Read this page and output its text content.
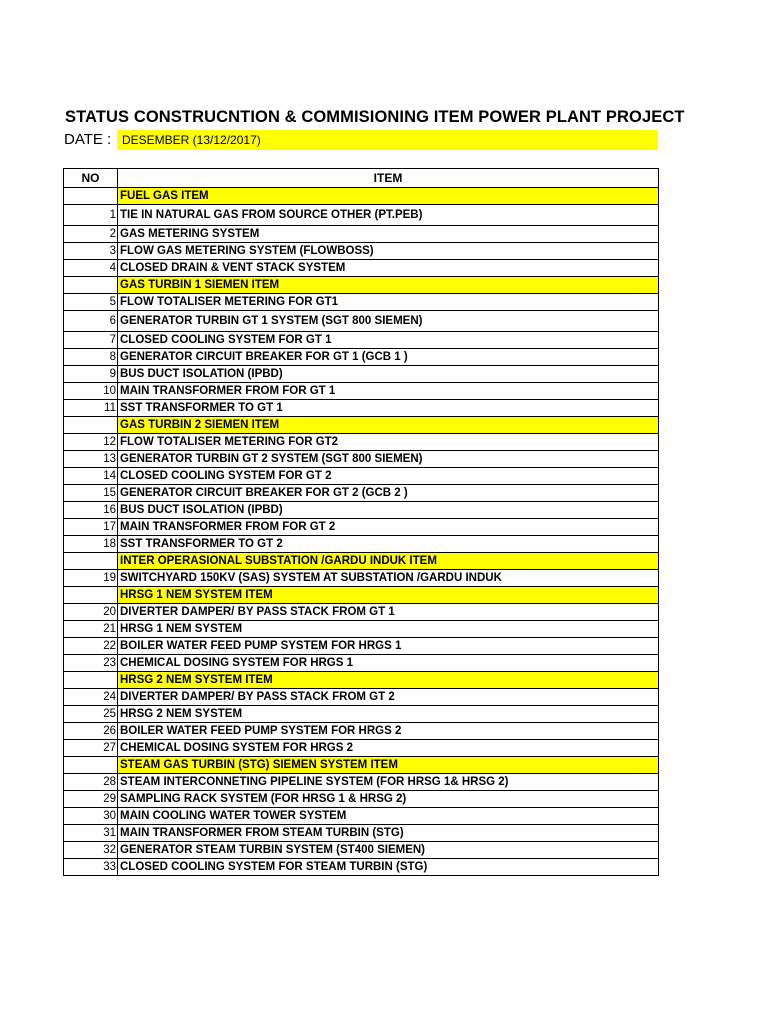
STATUS CONSTRUCNTION & COMMISIONING ITEM POWER PLANT PROJECT
DATE : DESEMBER (13/12/2017)
NO	ITEM
	FUEL GAS ITEM
1	TIE IN NATURAL GAS FROM SOURCE OTHER (PT.PEB)
2	GAS METERING SYSTEM
3	FLOW GAS METERING SYSTEM (FLOWBOSS)
4	CLOSED DRAIN & VENT STACK SYSTEM
	GAS TURBIN 1 SIEMEN ITEM
5	FLOW TOTALISER METERING FOR GT1
6	GENERATOR TURBIN GT 1 SYSTEM (SGT 800 SIEMEN)
7	CLOSED COOLING SYSTEM FOR GT 1
8	GENERATOR CIRCUIT BREAKER FOR GT 1 (GCB 1 )
9	BUS DUCT ISOLATION (IPBD)
10	MAIN TRANSFORMER FROM FOR GT 1
11	SST TRANSFORMER TO GT 1
	GAS TURBIN 2 SIEMEN ITEM
12	FLOW TOTALISER METERING FOR GT2
13	GENERATOR TURBIN GT 2 SYSTEM (SGT 800 SIEMEN)
14	CLOSED COOLING SYSTEM FOR GT 2
15	GENERATOR CIRCUIT BREAKER FOR GT 2 (GCB 2 )
16	BUS DUCT ISOLATION (IPBD)
17	MAIN TRANSFORMER FROM FOR GT 2
18	SST TRANSFORMER TO GT 2
	INTER OPERASIONAL SUBSTATION /GARDU INDUK ITEM
19	SWITCHYARD 150KV (SAS) SYSTEM AT SUBSTATION /GARDU INDUK
	HRSG 1 NEM SYSTEM ITEM
20	DIVERTER DAMPER/ BY PASS STACK FROM GT 1
21	HRSG 1 NEM SYSTEM
22	BOILER WATER FEED PUMP SYSTEM FOR HRGS 1
23	CHEMICAL DOSING SYSTEM FOR HRGS 1
	HRSG 2 NEM SYSTEM ITEM
24	DIVERTER DAMPER/ BY PASS STACK FROM GT 2
25	HRSG 2 NEM SYSTEM
26	BOILER WATER FEED PUMP SYSTEM FOR HRGS 2
27	CHEMICAL DOSING SYSTEM FOR HRGS 2
	STEAM GAS TURBIN (STG) SIEMEN SYSTEM ITEM
28	STEAM INTERCONNETING PIPELINE SYSTEM (FOR HRSG 1& HRSG 2)
29	SAMPLING RACK SYSTEM (FOR HRSG 1 & HRSG 2)
30	MAIN COOLING WATER TOWER SYSTEM
31	MAIN TRANSFORMER FROM STEAM TURBIN (STG)
32	GENERATOR STEAM TURBIN SYSTEM (ST400 SIEMEN)
33	CLOSED COOLING SYSTEM FOR STEAM TURBIN (STG)
